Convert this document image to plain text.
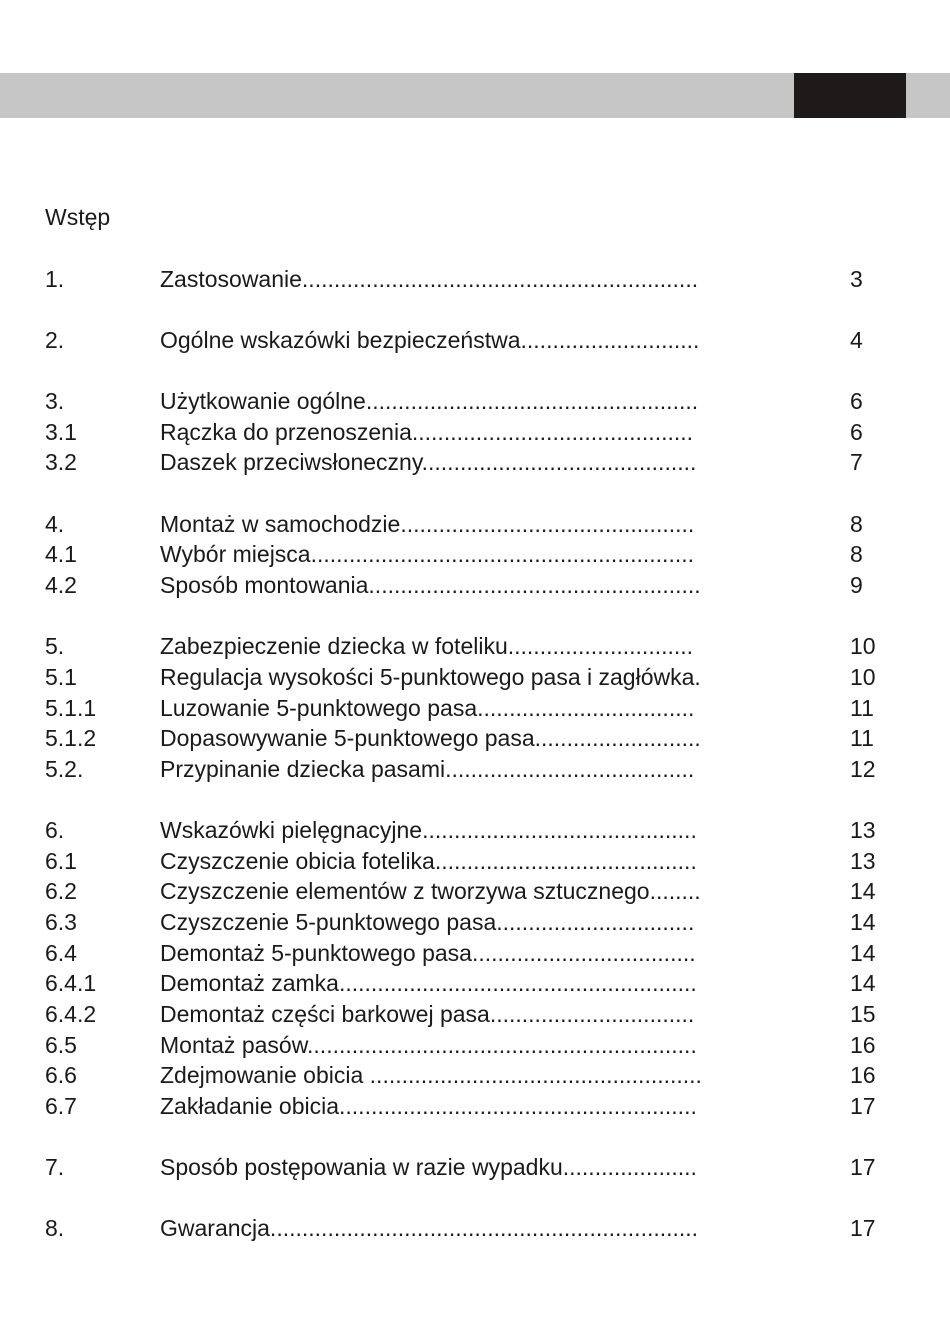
Wstęp
1.	Zastosowanie..............................................................	3
2.	Ogólne wskazówki bezpieczeństwa............................	4
3.	Użytkowanie ogólne....................................................	6
3.1	Rączka do przenoszenia............................................	6
3.2	Daszek przeciwsłoneczny...........................................	7
4.	Montaż w samochodzie..............................................	8
4.1	Wybór miejsca............................................................	8
4.2	Sposób montowania....................................................	9
5.	Zabezpieczenie dziecka w foteliku.............................	10
5.1	Regulacja wysokości 5-punktowego pasa i zagłówka.	10
5.1.1	Luzowanie 5-punktowego pasa..................................	11
5.1.2	Dopasowywanie 5-punktowego pasa..........................	11
5.2.	Przypinanie dziecka pasami.......................................	12
6.	Wskazówki pielęgnacyjne...........................................	13
6.1	Czyszczenie obicia fotelika.........................................	13
6.2	Czyszczenie elementów z tworzywa sztucznego........	14
6.3	Czyszczenie 5-punktowego pasa...............................	14
6.4	Demontaż 5-punktowego pasa...................................	14
6.4.1	Demontaż zamka........................................................	14
6.4.2	Demontaż części barkowej pasa................................	15
6.5	Montaż pasów.............................................................	16
6.6	Zdejmowanie obicia ....................................................	16
6.7	Zakładanie obicia........................................................	17
7.	Sposób postępowania w razie wypadku.....................	17
8.	Gwarancja...................................................................	17
